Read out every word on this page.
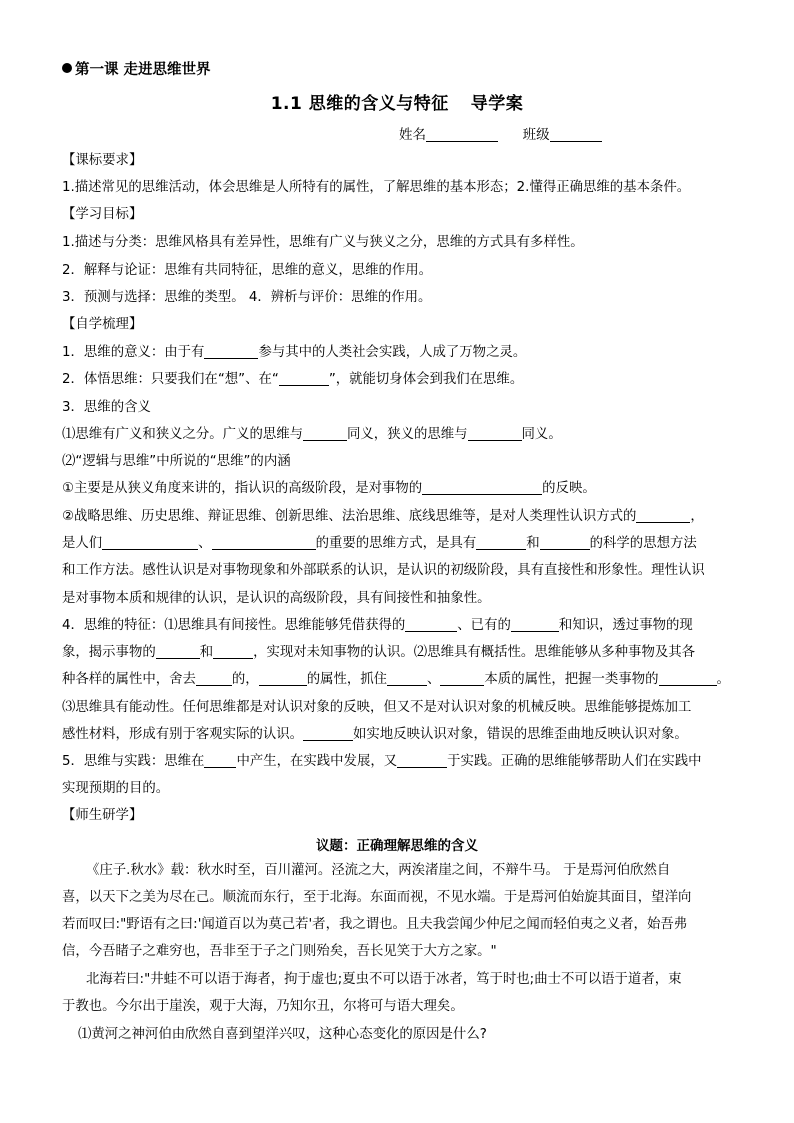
第一课 走进思维世界
1.1 思维的含义与特征 导学案
姓名	班级
【课标要求】
1.描述常见的思维活动，体会思维是人所特有的属性，了解思维的基本形态；2.懂得正确思维的基本条件。
【学习目标】
1.描述与分类：思维风格具有差异性，思维有广义与狭义之分，思维的方式具有多样性。
2．解释与论证：思维有共同特征，思维的意义，思维的作用。
3．预测与选择：思维的类型。 4．辨析与评价：思维的作用。
【自学梳理】
1．思维的意义：由于有	参与其中的人类社会实践，人成了万物之灵。
2．体悟思维：只要我们在“想”、在“	”，就能切身体会到我们在思维。
3．思维的含义
⑴思维有广义和狭义之分。广义的思维与	同义，狭义的思维与	同义。
⑵“逻辑与思维”中所说的“思维”的内涵
①主要是从狭义角度来讲的，指认识的高级阶段，是对事物的	的反映。
②战略思维、历史思维、辩证思维、创新思维、法治思维、底线思维等，是对人类理性认识方式的	，
是人们	、	的重要的思维方式，是具有	和	的科学的思想方法
和工作方法。感性认识是对事物现象和外部联系的认识，是认识的初级阶段，具有直接性和形象性。理性认识
是对事物本质和规律的认识，是认识的高级阶段，具有间接性和抽象性。
4．思维的特征：⑴思维具有间接性。思维能够凭借获得的	、已有的	和知识，透过事物的现
象，揭示事物的	和	，实现对未知事物的认识。⑵思维具有概括性。思维能够从多种事物及其各
种各样的属性中，舍去	的，	的属性，抓住	、	本质的属性，把握一类事物的	。
⑶思维具有能动性。任何思维都是对认识对象的反映，但又不是对认识对象的机械反映。思维能够提炼加工
感性材料，形成有别于客观实际的认识。	如实地反映认识对象，错误的思维歪曲地反映认识对象。
5．思维与实践：思维在 中产生，在实践中发展，又	于实践。正确的思维能够帮助人们在实践中
实现预期的目的。
【师生研学】
议题：正确理解思维的含义
《庄子.秋水》载：秋水时至，百川灌河。泾流之大，两涘渚崖之间，不辩牛马。 于是焉河伯欣然自
喜，以天下之美为尽在己。顺流而东行，至于北海。东面而视，不见水端。于是焉河伯始旋其面目，望洋向
若而叹曰:"野语有之曰:'闻道百以为莫己若'者，我之谓也。且夫我尝闻少仲尼之闻而轻伯夷之义者，始吾弗
信，今吾睹子之难穷也，吾非至于子之门则殆矣，吾长见笑于大方之家。"
北海若曰:"井蛙不可以语于海者，拘于虚也;夏虫不可以语于冰者，笃于时也;曲士不可以语于道者，束
于教也。今尔出于崖涘，观于大海，乃知尔丑，尔将可与语大理矣。
⑴黄河之神河伯由欣然自喜到望洋兴叹，这种心态变化的原因是什么?
